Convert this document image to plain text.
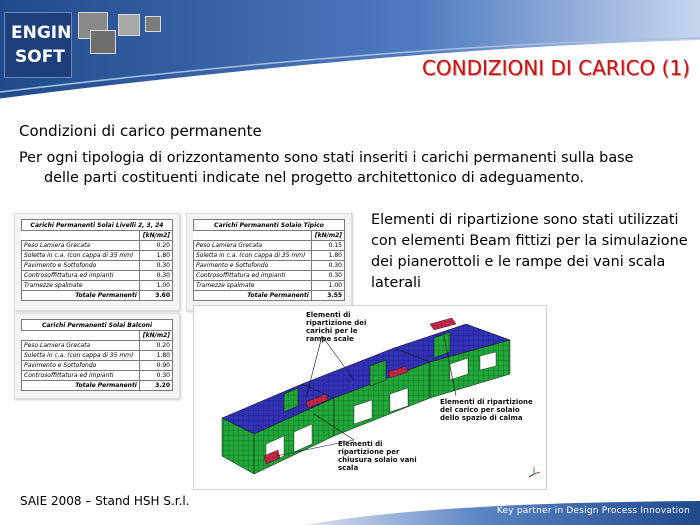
ENGIN
SOFT	CONDIZIONI DI CARICO (1)
Condizioni di carico permanente
Per ogni tipologia di orizzontamento sono stati inseriti i carichi permanenti sulla base
delle parti costituenti indicate nel progetto architettonico di adeguamento.
Elementi di ripartizione sono stati utilizzati con elementi Beam fittizi per la simulazione dei pianerottoli e le rampe dei vani scala laterali
Carichi Permanenti Solai Livelli 2, 3, 24	
	[kN/m2]
Peso Lamiera Grecata	0.20
Soletta in c.a. (con cappa di 35 mm)	1.80
Pavimento e Sottofondo	0.30
Controsoffittatura ed impianti	0.30
Tramezze spalmate	1.00
Totale Permanenti	3.60
Carichi Permanenti Solaio Tipico	
	[kN/m2]
Peso Lamiera Grecata	0.15
Soletta in c.a. (con cappa di 35 mm)	1.80
Pavimento e Sottofondo	0.30
Controsoffittatura ed impianti	0.30
Tramezze spalmate	1.00
Totale Permanenti	3.55
Carichi Permanenti Solai Balconi	
	[kN/m2]
Peso Lamiera Grecata	0.20
Soletta in c.a. (con cappa di 35 mm)	1.80
Pavimento e Sottofondo	0.90
Controsoffittatura ed impianti	0.30
Totale Permanenti	3.20
Elementi di ripartizione dei carichi per le rampe scale
Elementi di ripartizione del carico per solaio dello spazio di calma
Elementi di ripartizione per chiusura solaio vani scala
SAIE 2008 – Stand HSH S.r.l.
Key partner in Design Process Innovation
